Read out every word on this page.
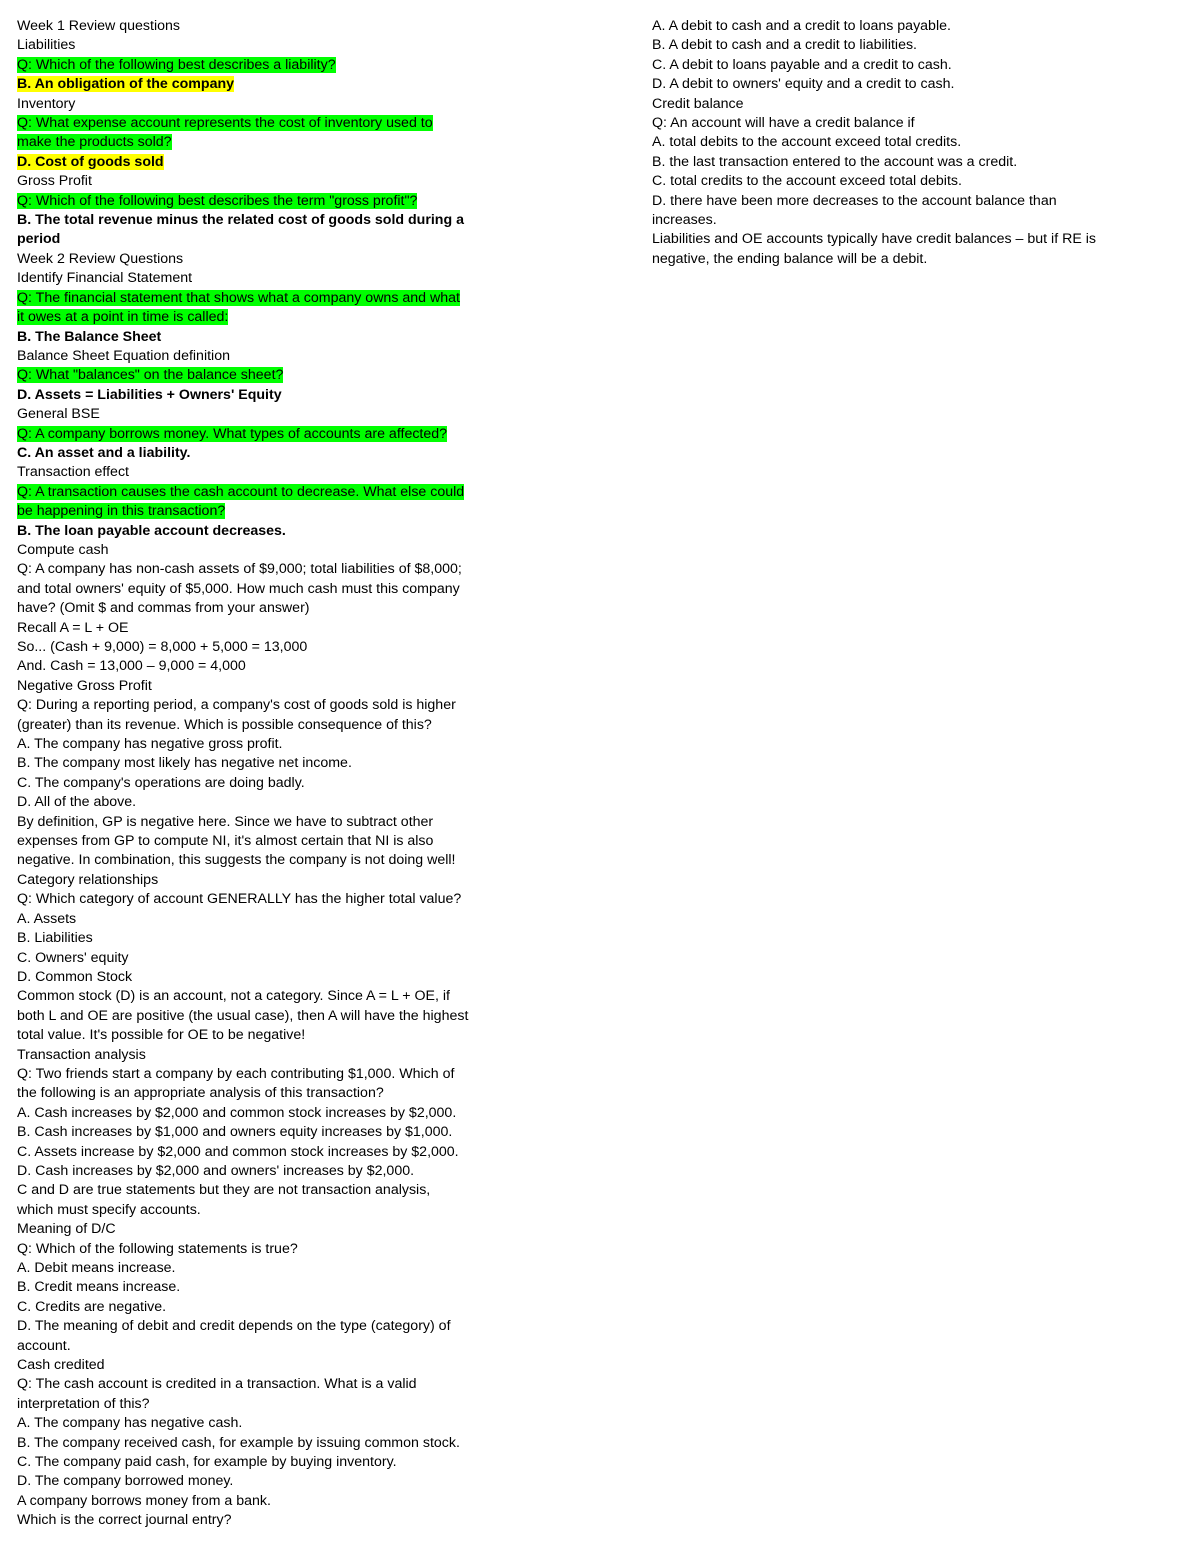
Week 1 Review questions
Liabilities
Q: Which of the following best describes a liability?
B. An obligation of the company
Inventory
Q: What expense account represents the cost of inventory used to
make the products sold?
D. Cost of goods sold
Gross Profit
Q: Which of the following best describes the term "gross profit"?
B. The total revenue minus the related cost of goods sold during a
period
Week 2 Review Questions
Identify Financial Statement
Q: The financial statement that shows what a company owns and what
it owes at a point in time is called:
B. The Balance Sheet
Balance Sheet Equation definition
Q: What "balances" on the balance sheet?
D. Assets = Liabilities + Owners' Equity
General BSE
Q: A company borrows money. What types of accounts are affected?
C. An asset and a liability.
Transaction effect
Q: A transaction causes the cash account to decrease. What else could
be happening in this transaction?
B. The loan payable account decreases.
Compute cash
Q: A company has non-cash assets of $9,000; total liabilities of $8,000;
and total owners' equity of $5,000. How much cash must this company
have? (Omit $ and commas from your answer)
Recall A = L + OE
So... (Cash + 9,000) = 8,000 + 5,000 = 13,000
And. Cash = 13,000 – 9,000 = 4,000
Negative Gross Profit
Q: During a reporting period, a company's cost of goods sold is higher
(greater) than its revenue. Which is possible consequence of this?
A. The company has negative gross profit.
B. The company most likely has negative net income.
C. The company's operations are doing badly.
D. All of the above.
By definition, GP is negative here. Since we have to subtract other
expenses from GP to compute NI, it's almost certain that NI is also
negative. In combination, this suggests the company is not doing well!
Category relationships
Q: Which category of account GENERALLY has the higher total value?
A. Assets
B. Liabilities
C. Owners' equity
D. Common Stock
Common stock (D) is an account, not a category. Since A = L + OE, if
both L and OE are positive (the usual case), then A will have the highest
total value. It's possible for OE to be negative!
Transaction analysis
Q: Two friends start a company by each contributing $1,000. Which of
the following is an appropriate analysis of this transaction?
A. Cash increases by $2,000 and common stock increases by $2,000.
B. Cash increases by $1,000 and owners equity increases by $1,000.
C. Assets increase by $2,000 and common stock increases by $2,000.
D. Cash increases by $2,000 and owners' increases by $2,000.
C and D are true statements but they are not transaction analysis,
which must specify accounts.
Meaning of D/C
Q: Which of the following statements is true?
A. Debit means increase.
B. Credit means increase.
C. Credits are negative.
D. The meaning of debit and credit depends on the type (category) of
account.
Cash credited
Q: The cash account is credited in a transaction. What is a valid
interpretation of this?
A. The company has negative cash.
B. The company received cash, for example by issuing common stock.
C. The company paid cash, for example by buying inventory.
D. The company borrowed money.
A company borrows money from a bank.
Which is the correct journal entry?
A. A debit to cash and a credit to loans payable.
B. A debit to cash and a credit to liabilities.
C. A debit to loans payable and a credit to cash.
D. A debit to owners' equity and a credit to cash.
Credit balance
Q: An account will have a credit balance if
A. total debits to the account exceed total credits.
B. the last transaction entered to the account was a credit.
C. total credits to the account exceed total debits.
D. there have been more decreases to the account balance than
increases.
Liabilities and OE accounts typically have credit balances – but if RE is
negative, the ending balance will be a debit.
